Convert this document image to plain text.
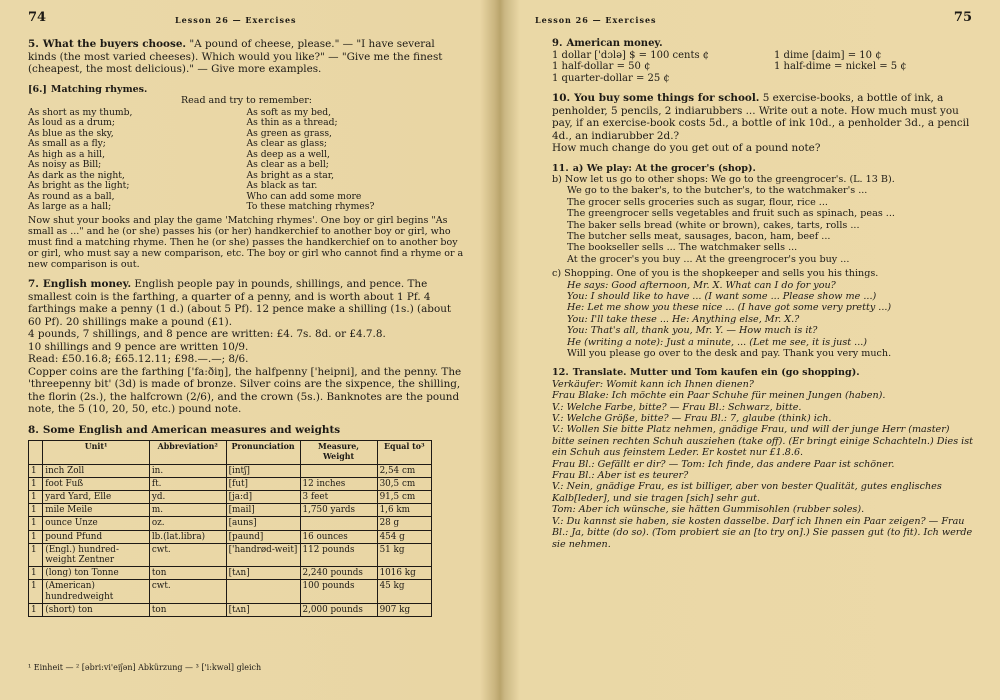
74	Lesson 26 — Exercises
5. What the buyers choose. "A pound of cheese, please." — "I have several kinds (the most varied cheeses). Which would you like?" — "Give me the finest (cheapest, the most delicious)." — Give more examples.
[6.] Matching rhymes.
Read and try to remember:
As short as my thumb,	As soft as my bed,
As loud as a drum;	As thin as a thread;
As blue as the sky,	As green as grass,
As small as a fly;	As clear as glass;
As high as a hill,	As deep as a well,
As noisy as Bill;	As clear as a bell;
As dark as the night,	As bright as a star,
As bright as the light;	As black as tar.
As round as a ball,	Who can add some more
As large as a hall;	To these matching rhymes?
Now shut your books and play the game 'Matching rhymes'. One boy or girl begins "As small as ..." and he (or she) passes his (or her) handkerchief to another boy or girl, who must find a matching rhyme. Then he (or she) passes the handkerchief on to another boy or girl, who must say a new comparison, etc. The boy or girl who cannot find a rhyme or a new comparison is out.
7. English money. English people pay in pounds, shillings, and pence. The smallest coin is the farthing, a quarter of a penny, and is worth about 1 Pf. 4 farthings make a penny (1 d.) (about 5 Pf). 12 pence make a shilling (1s.) (about 60 Pf). 20 shillings make a pound (£1).
4 pounds, 7 shillings, and 8 pence are written: £4. 7s. 8d. or £4.7.8.
10 shillings and 9 pence are written 10/9.
Read: £50.16.8; £65.12.11; £98.—.—; 8/6.
Copper coins are the farthing ['fa:ðiŋ], the halfpenny ['heipni], and the penny. The 'threepenny bit' (3d) is made of bronze. Silver coins are the sixpence, the shilling, the florin (2s.), the halfcrown (2/6), and the crown (5s.). Banknotes are the pound note, the 5 (10, 20, 50, etc.) pound note.
8. Some English and American measures and weights
	Unit¹	Abbreviation²	Pronunciation	Measure, Weight	Equal to³
1	inch Zoll	in.	[intʃ]		2,54 cm
1	foot Fuß	ft.	[fut]	12 inches	30,5 cm
1	yard Yard, Elle	yd.	[ja:d]	3 feet	91,5 cm
1	mile Meile	m.	[mail]	1,750 yards	1,6 km
1	ounce Unze	oz.	[auns]		28 g
1	pound Pfund	lb.(lat.libra)	[paund]	16 ounces	454 g
1	(Engl.) hundred-weight Zentner	cwt.	['handrød-weit]	112 pounds	51 kg
1	(long) ton Tonne	ton	[tʌn]	2,240 pounds	1016 kg
1	(American) hundredweight	cwt.		100 pounds	45 kg
1	(short) ton	ton	[tʌn]	2,000 pounds	907 kg
¹ Einheit — ² [əbri:vi'eiʃən] Abkürzung — ³ ['i:kwəl] gleich
Lesson 26 — Exercises	75
9. American money.
1 dollar ['dɔlə] $ = 100 cents ¢
1 half-dollar = 50 ¢
1 quarter-dollar = 25 ¢
1 dime [daim] = 10 ¢
1 half-dime = nickel = 5 ¢
10. You buy some things for school. 5 exercise-books, a bottle of ink, a penholder, 5 pencils, 2 indiarubbers ... Write out a note. How much must you pay, if an exercise-book costs 5d., a bottle of ink 10d., a penholder 3d., a pencil 4d., an indiarubber 2d.?
How much change do you get out of a pound note?
11. a) We play: At the grocer's (shop).
b) Now let us go to other shops: We go to the greengrocer's. (L. 13 B).
We go to the baker's, to the butcher's, to the watchmaker's ...
The grocer sells groceries such as sugar, flour, rice ...
The greengrocer sells vegetables and fruit such as spinach, peas ...
The baker sells bread (white or brown), cakes, tarts, rolls ...
The butcher sells meat, sausages, bacon, ham, beef ...
The bookseller sells ... The watchmaker sells ...
At the grocer's you buy ... At the greengrocer's you buy ...
c) Shopping. One of you is the shopkeeper and sells you his things.
He says: Good afternoon, Mr. X. What can I do for you?
You: I should like to have ... (I want some ... Please show me ...)
He: Let me show you these nice ... (I have got some very pretty ...)
You: I'll take these ... He: Anything else, Mr. X.?
You: That's all, thank you, Mr. Y. — How much is it?
He (writing a note): Just a minute, ... (Let me see, it is just ...)
Will you please go over to the desk and pay. Thank you very much.
12. Translate. Mutter und Tom kaufen ein (go shopping).
Verkäufer: Womit kann ich Ihnen dienen?
Frau Blake: Ich möchte ein Paar Schuhe für meinen Jungen (haben).
V.: Welche Farbe, bitte? — Frau Bl.: Schwarz, bitte.
V.: Welche Größe, bitte? — Frau Bl.: 7, glaube (think) ich.
V.: Wollen Sie bitte Platz nehmen, gnädige Frau, und will der junge Herr (master) bitte seinen rechten Schuh ausziehen (take off). (Er bringt einige Schachteln.) Dies ist ein Schuh aus feinstem Leder. Er kostet nur £1.8.6.
Frau Bl.: Gefällt er dir? — Tom: Ich finde, das andere Paar ist schöner.
Frau Bl.: Aber ist es teurer?
V.: Nein, gnädige Frau, es ist billiger, aber von bester Qualität, gutes englisches Kalb[leder], und sie tragen [sich] sehr gut.
Tom: Aber ich wünsche, sie hätten Gummisohlen (rubber soles).
V.: Du kannst sie haben, sie kosten dasselbe. Darf ich Ihnen ein Paar zeigen? — Frau Bl.: Ja, bitte (do so). (Tom probiert sie an [to try on].) Sie passen gut (to fit). Ich werde sie nehmen.
